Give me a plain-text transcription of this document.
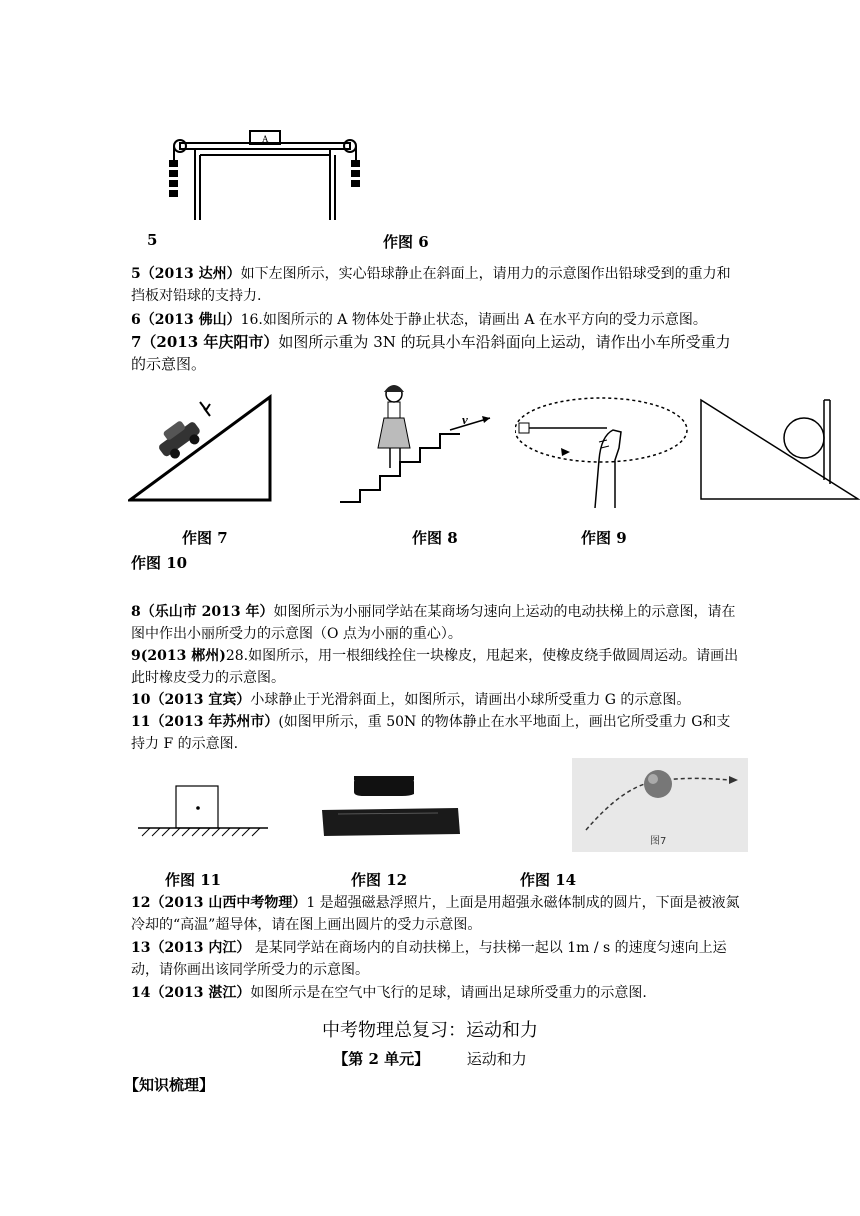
A
5	作图 6
5（2013 达州）如下左图所示，实心铅球静止在斜面上，请用力的示意图作出铅球受到的重力和挡板对铅球的支持力.
6（2013 佛山）16.如图所示的 A 物体处于静止状态，请画出 A 在水平方向的受力示意图。
7（2013 年庆阳市）如图所示重为 3N 的玩具小车沿斜面向上运动，请作出小车所受重力的示意图。
v
作图 7	作图 8	作图 9
作图 10
8（乐山市 2013 年）如图所示为小丽同学站在某商场匀速向上运动的电动扶梯上的示意图，请在图中作出小丽所受力的示意图（O 点为小丽的重心）。
9(2013 郴州)28.如图所示，用一根细线拴住一块橡皮，甩起来，使橡皮绕手做圆周运动。请画出此时橡皮受力的示意图。
10（2013 宜宾）小球静止于光滑斜面上，如图所示，请画出小球所受重力 G 的示意图。
11（2013 年苏州市）(如图甲所示，重 50N 的物体静止在水平地面上，画出它所受重力 G和支持力 F 的示意图.
图7
作图 11	作图 12	作图 14
12（2013 山西中考物理）1 是超强磁悬浮照片，上面是用超强永磁体制成的圆片，下面是被液氮冷却的“高温”超导体，请在图上画出圆片的受力示意图。
13（2013 内江） 是某同学站在商场内的自动扶梯上，与扶梯一起以 1m / s 的速度匀速向上运动，请你画出该同学所受力的示意图。
14（2013 湛江）如图所示是在空气中飞行的足球，请画出足球所受重力的示意图.
中考物理总复习：运动和力
【第 2 单元】	运动和力
【知识梳理】
